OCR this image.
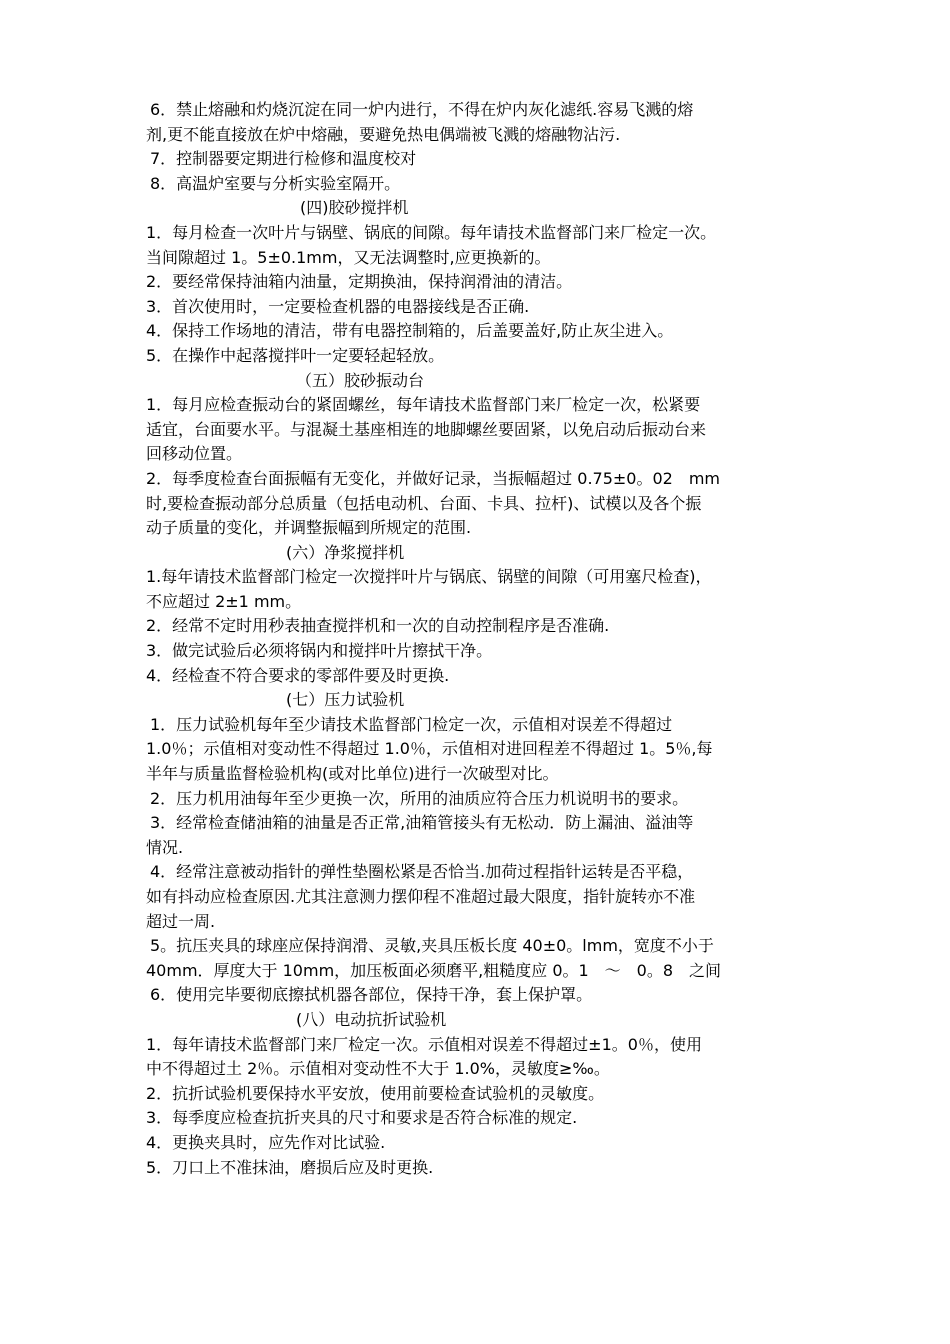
6．禁止熔融和灼烧沉淀在同一炉内进行，不得在炉内灰化滤纸.容易飞溅的熔
剂,更不能直接放在炉中熔融，要避免热电偶端被飞溅的熔融物沾污.
7．控制器要定期进行检修和温度校对
8．高温炉室要与分析实验室隔开。
(四)胶砂搅拌机
1．每月检查一次叶片与锅壁、锅底的间隙。每年请技术监督部门来厂检定一次。
当间隙超过 1。5±0.1mm，又无法调整时,应更换新的。
2．要经常保持油箱内油量，定期换油，保持润滑油的清洁。
3．首次使用时，一定要检查机器的电器接线是否正确.
4．保持工作场地的清洁，带有电器控制箱的，后盖要盖好,防止灰尘进入。
5．在操作中起落搅拌叶一定要轻起轻放。
（五）胶砂振动台
1．每月应检查振动台的紧固螺丝，每年请技术监督部门来厂检定一次，松紧要
适宜，台面要水平。与混凝土基座相连的地脚螺丝要固紧，以免启动后振动台来
回移动位置。
2．每季度检查台面振幅有无变化，并做好记录，当振幅超过 0.75±0。02　mm
时,要检查振动部分总质量（包括电动机、台面、卡具、拉杆)、试模以及各个振
动子质量的变化，并调整振幅到所规定的范围.
(六）净浆搅拌机
1.每年请技术监督部门检定一次搅拌叶片与锅底、锅壁的间隙（可用塞尺检查)，
不应超过 2±1 mm。
2．经常不定时用秒表抽查搅拌机和一次的自动控制程序是否准确.
3．做完试验后必须将锅内和搅拌叶片擦拭干净。
4．经检查不符合要求的零部件要及时更换.
(七）压力试验机
1．压力试验机每年至少请技术监督部门检定一次，示值相对误差不得超过
1.0％；示值相对变动性不得超过 1.0％，示值相对进回程差不得超过 1。5％,每
半年与质量监督检验机构(或对比单位)进行一次破型对比。
2．压力机用油每年至少更换一次，所用的油质应符合压力机说明书的要求。
3．经常检查储油箱的油量是否正常,油箱管接头有无松动．防上漏油、溢油等
情况.
4．经常注意被动指针的弹性垫圈松紧是否恰当.加荷过程指针运转是否平稳，
如有抖动应检查原因.尤其注意测力摆仰程不准超过最大限度，指针旋转亦不准
超过一周.
5。抗压夹具的球座应保持润滑、灵敏,夹具压板长度 40±0。lmm，宽度不小于
40mm．厚度大于 10mm，加压板面必须磨平,粗糙度应 0。1　～　0。8　之间
6．使用完毕要彻底擦拭机器各部位，保持干净，套上保护罩。
(八）电动抗折试验机
1．每年请技术监督部门来厂检定一次。示值相对误差不得超过±1。0％，使用
中不得超过土 2％。示值相对变动性不大于 1.0%，灵敏度≥‰。
2．抗折试验机要保持水平安放，使用前要检查试验机的灵敏度。
3．每季度应检查抗折夹具的尺寸和要求是否符合标准的规定.
4．更换夹具时，应先作对比试验.
5．刀口上不准抹油，磨损后应及时更换.
